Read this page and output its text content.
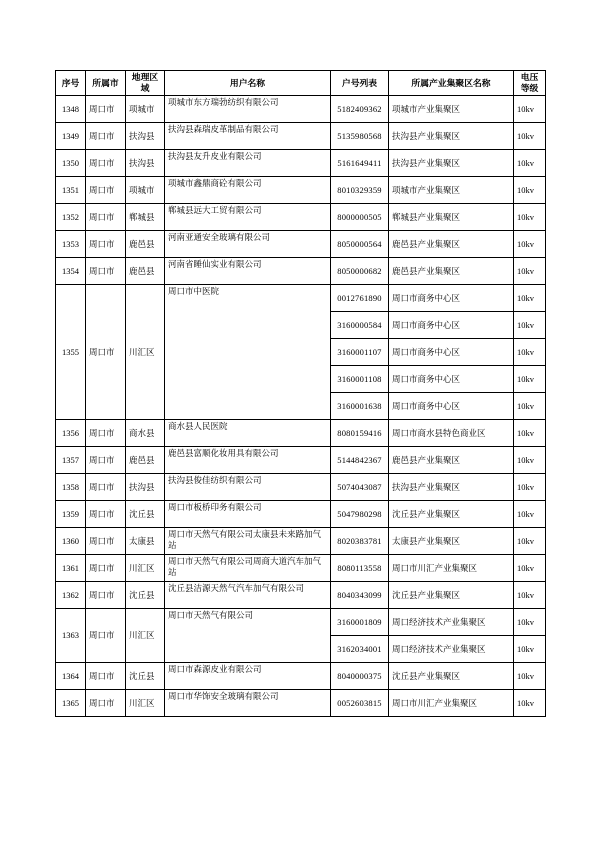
序号	所属市	地理区域	用户名称	户号列表	所属产业集聚区名称	电压等级
1348	周口市	项城市	项城市东方瑞勃纺织有限公司	5182409362	项城市产业集聚区	10kv
1349	周口市	扶沟县	扶沟县森瑞皮革制品有限公司	5135980568	扶沟县产业集聚区	10kv
1350	周口市	扶沟县	扶沟县友升皮业有限公司	5161649411	扶沟县产业集聚区	10kv
1351	周口市	项城市	项城市鑫鼎商砼有限公司	8010329359	项城市产业集聚区	10kv
1352	周口市	郸城县	郸城县远大工贸有限公司	8000000505	郸城县产业集聚区	10kv
1353	周口市	鹿邑县	河南亚通安全玻璃有限公司	8050000564	鹿邑县产业集聚区	10kv
1354	周口市	鹿邑县	河南省睡仙实业有限公司	8050000682	鹿邑县产业集聚区	10kv
1355	周口市	川汇区	周口市中医院	0012761890	周口市商务中心区	10kv
				3160000584	周口市商务中心区	10kv
				3160001107	周口市商务中心区	10kv
				3160001108	周口市商务中心区	10kv
				3160001638	周口市商务中心区	10kv
1356	周口市	商水县	商水县人民医院	8080159416	周口市商水县特色商业区	10kv
1357	周口市	鹿邑县	鹿邑县富顺化妆用具有限公司	5144842367	鹿邑县产业集聚区	10kv
1358	周口市	扶沟县	扶沟县俊佳纺织有限公司	5074043087	扶沟县产业集聚区	10kv
1359	周口市	沈丘县	周口市板桥印务有限公司	5047980298	沈丘县产业集聚区	10kv
1360	周口市	太康县	周口市天然气有限公司太康县未来路加气站	8020383781	太康县产业集聚区	10kv
1361	周口市	川汇区	周口市天然气有限公司周商大道汽车加气站	8080113558	周口市川汇产业集聚区	10kv
1362	周口市	沈丘县	沈丘县洁源天然气汽车加气有限公司	8040343099	沈丘县产业集聚区	10kv
1363	周口市	川汇区	周口市天然气有限公司	3160001809	周口经济技术产业集聚区	10kv
				3162034001	周口经济技术产业集聚区	10kv
1364	周口市	沈丘县	周口市森源皮业有限公司	8040000375	沈丘县产业集聚区	10kv
1365	周口市	川汇区	周口市华饰安全玻璃有限公司	0052603815	周口市川汇产业集聚区	10kv
